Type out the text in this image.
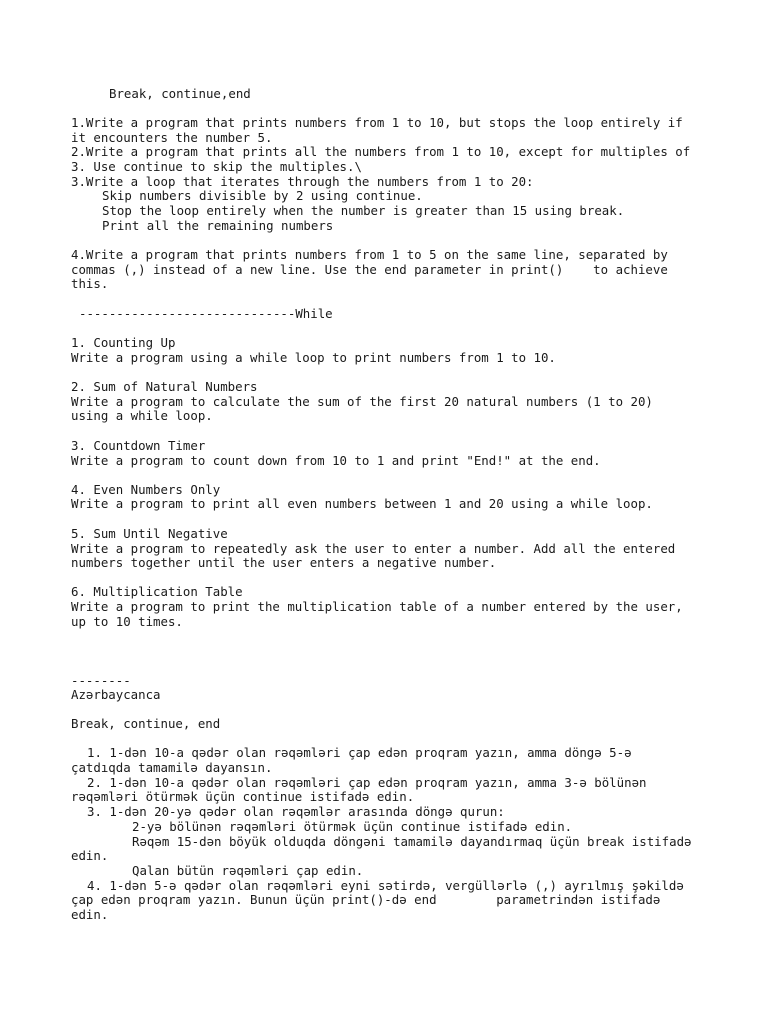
Break, continue,end

1.Write a program that prints numbers from 1 to 10, but stops the loop entirely if

it encounters the number 5.

2.Write a program that prints all the numbers from 1 to 10, except for multiples of

3. Use continue to skip the multiples.\

3.Write a loop that iterates through the numbers from 1 to 20:

Skip numbers divisible by 2 using continue.

Stop the loop entirely when the number is greater than 15 using break.

Print all the remaining numbers

4.Write a program that prints numbers from 1 to 5 on the same line, separated by

commas (,) instead of a new line. Use the end parameter in print()    to achieve

this.

-----------------------------While

1. Counting Up

Write a program using a while loop to print numbers from 1 to 10.

2. Sum of Natural Numbers

Write a program to calculate the sum of the first 20 natural numbers (1 to 20)

using a while loop.

3. Countdown Timer

Write a program to count down from 10 to 1 and print "End!" at the end.

4. Even Numbers Only

Write a program to print all even numbers between 1 and 20 using a while loop.

5. Sum Until Negative

Write a program to repeatedly ask the user to enter a number. Add all the entered

numbers together until the user enters a negative number.

6. Multiplication Table

Write a program to print the multiplication table of a number entered by the user,

up to 10 times.

--------

Azərbaycanca

Break, continue, end

1. 1-dən 10-a qədər olan rəqəmləri çap edən proqram yazın, amma döngə 5-ə

çatdıqda tamamilə dayansın.

2. 1-dən 10-a qədər olan rəqəmləri çap edən proqram yazın, amma 3-ə bölünən

rəqəmləri ötürmək üçün continue istifadə edin.

3. 1-dən 20-yə qədər olan rəqəmlər arasında döngə qurun:

2-yə bölünən rəqəmləri ötürmək üçün continue istifadə edin.

Rəqəm 15-dən böyük olduqda döngəni tamamilə dayandırmaq üçün break istifadə

edin.

Qalan bütün rəqəmləri çap edin.

4. 1-dən 5-ə qədər olan rəqəmləri eyni sətirdə, vergüllərlə (,) ayrılmış şəkildə

çap edən proqram yazın. Bunun üçün print()-də end        parametrindən istifadə

edin.
